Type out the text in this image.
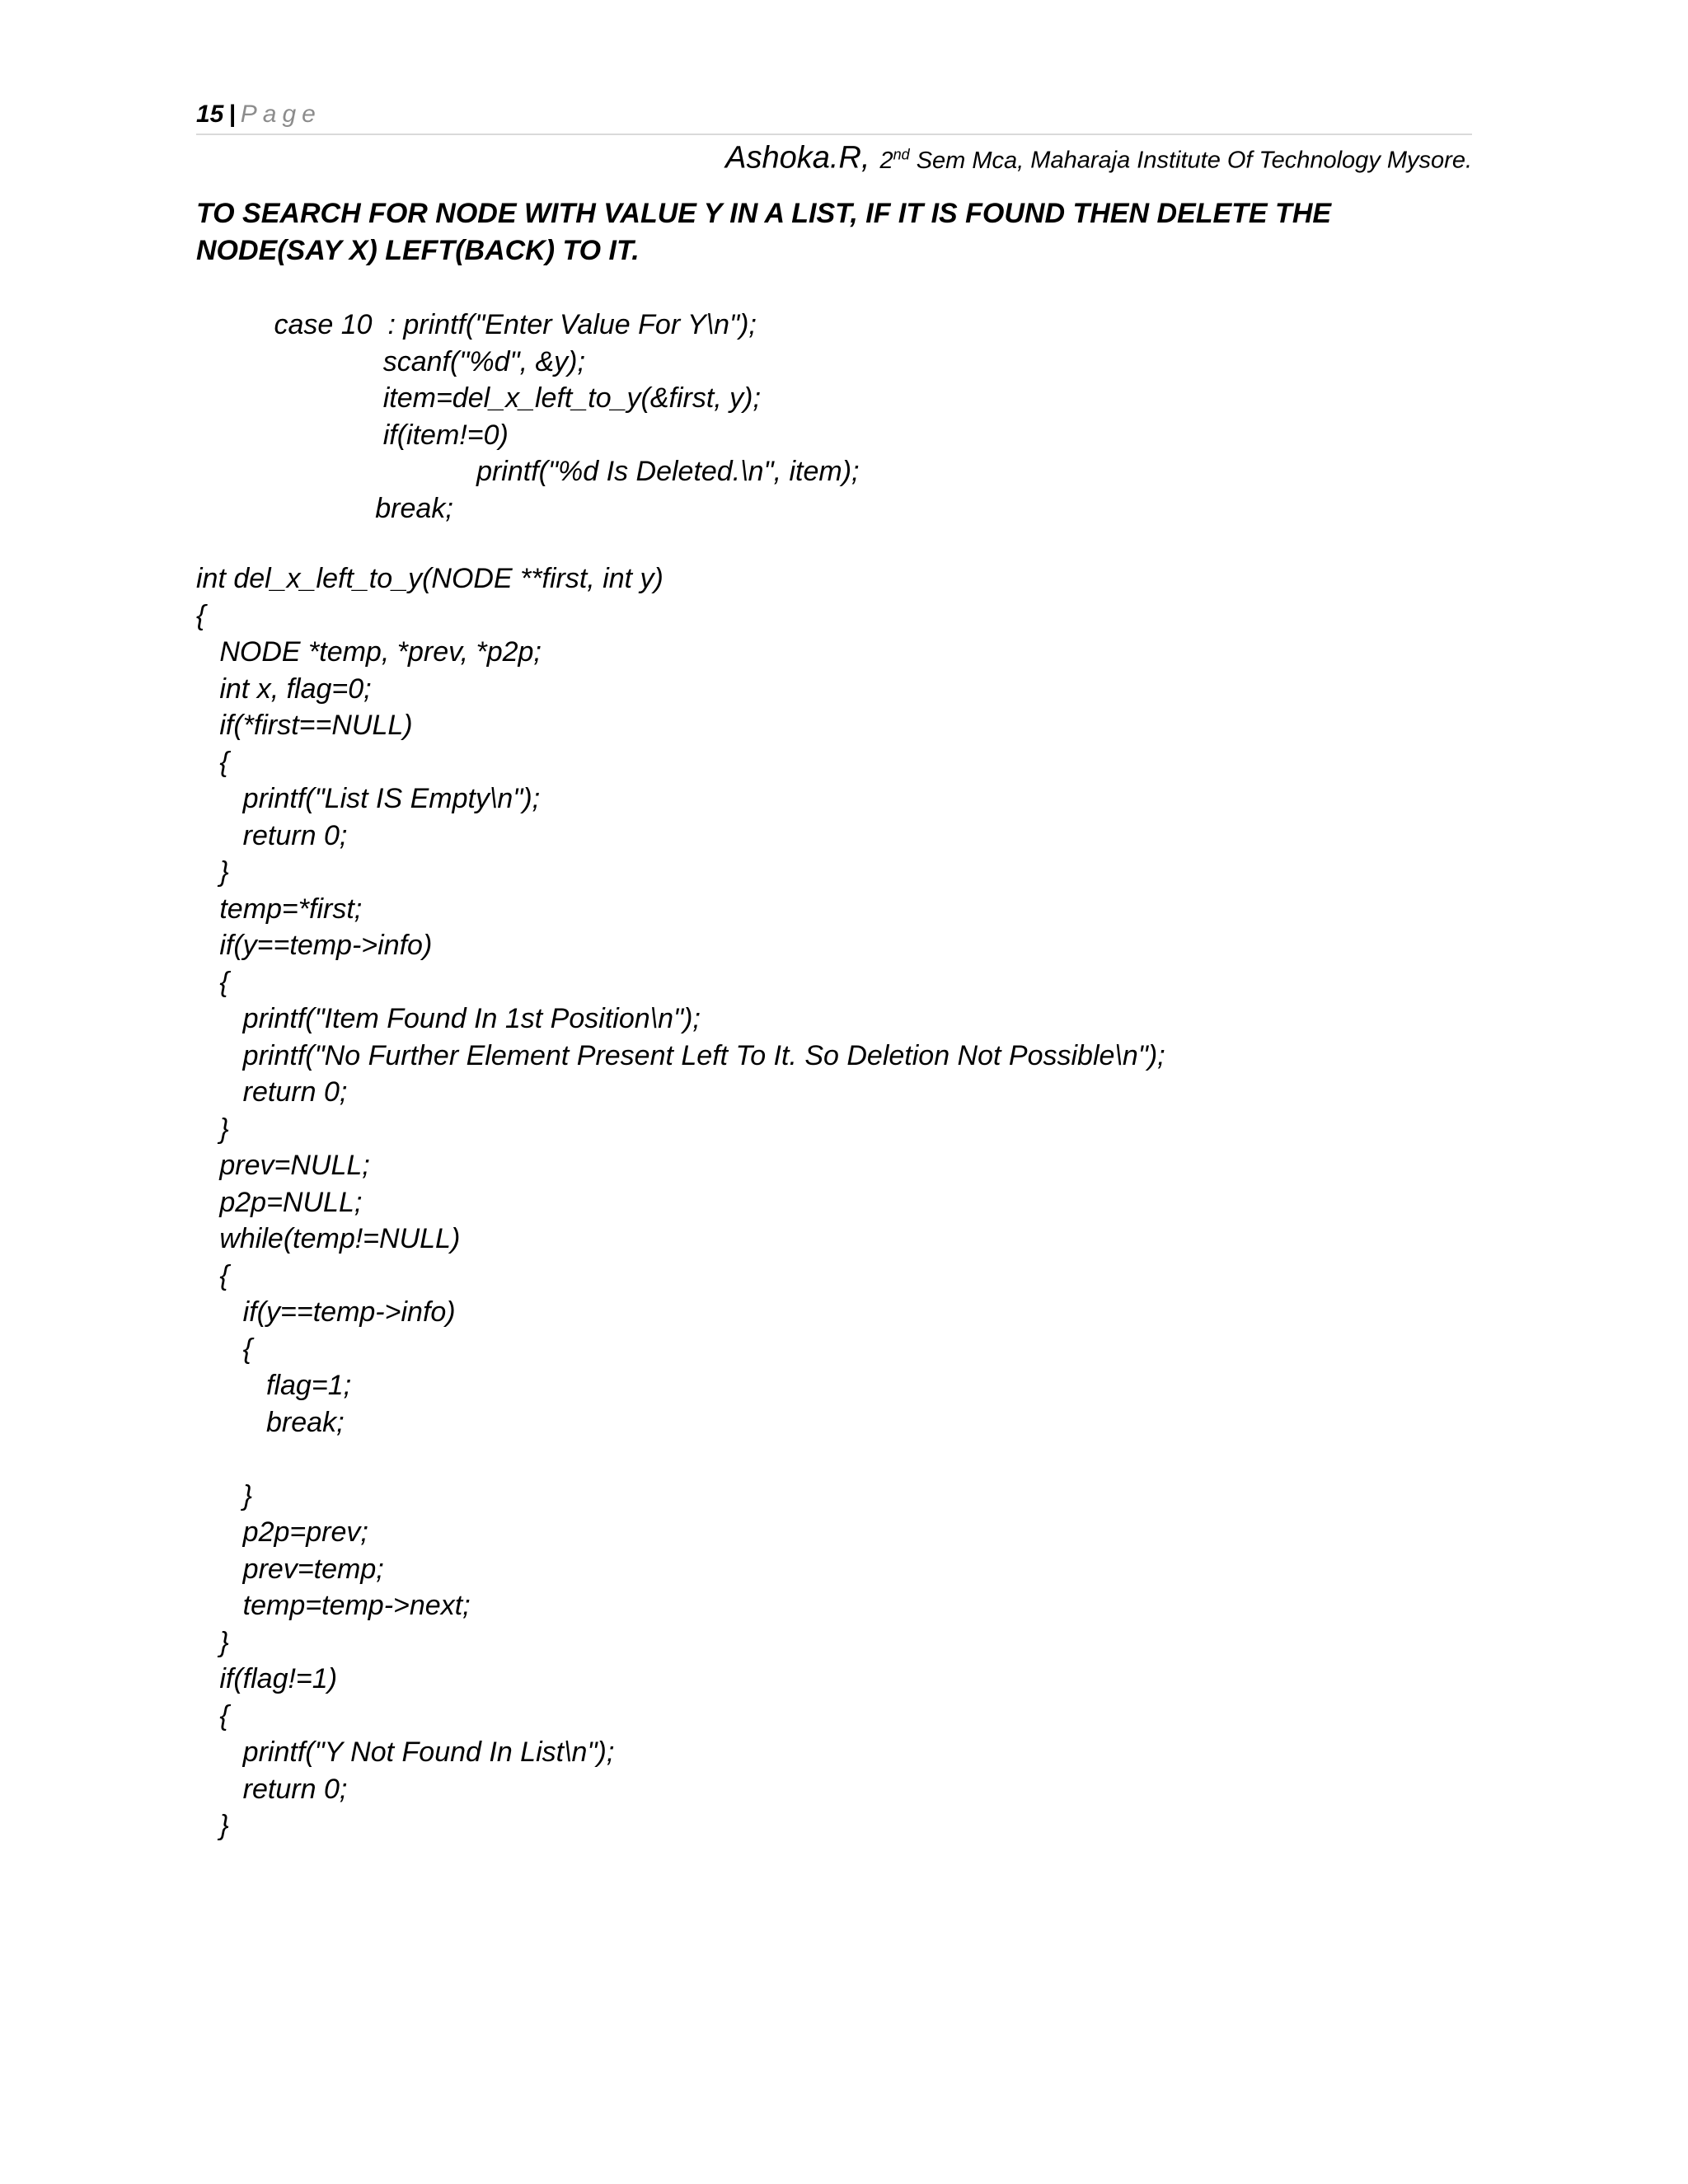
15 | Page
Ashoka.R, 2nd Sem Mca, Maharaja Institute Of Technology Mysore.
TO SEARCH FOR NODE WITH VALUE Y IN A LIST, IF IT IS FOUND THEN DELETE THE NODE(SAY X) LEFT(BACK) TO IT.
case 10  : printf("Enter Value For Y\n");
scanf("%d", &y);
item=del_x_left_to_y(&first, y);
if(item!=0)
printf("%d Is Deleted.\n", item);
break;
int del_x_left_to_y(NODE **first, int y)
{
NODE *temp, *prev, *p2p;
int x, flag=0;
if(*first==NULL)
{
printf("List IS Empty\n");
return 0;
}
temp=*first;
if(y==temp->info)
{
printf("Item Found In 1st Position\n");
printf("No Further Element Present Left To It. So Deletion Not Possible\n");
return 0;
}
prev=NULL;
p2p=NULL;
while(temp!=NULL)
{
if(y==temp->info)
{
flag=1;
break;

}
p2p=prev;
prev=temp;
temp=temp->next;
}
if(flag!=1)
{
printf("Y Not Found In List\n");
return 0;
}
